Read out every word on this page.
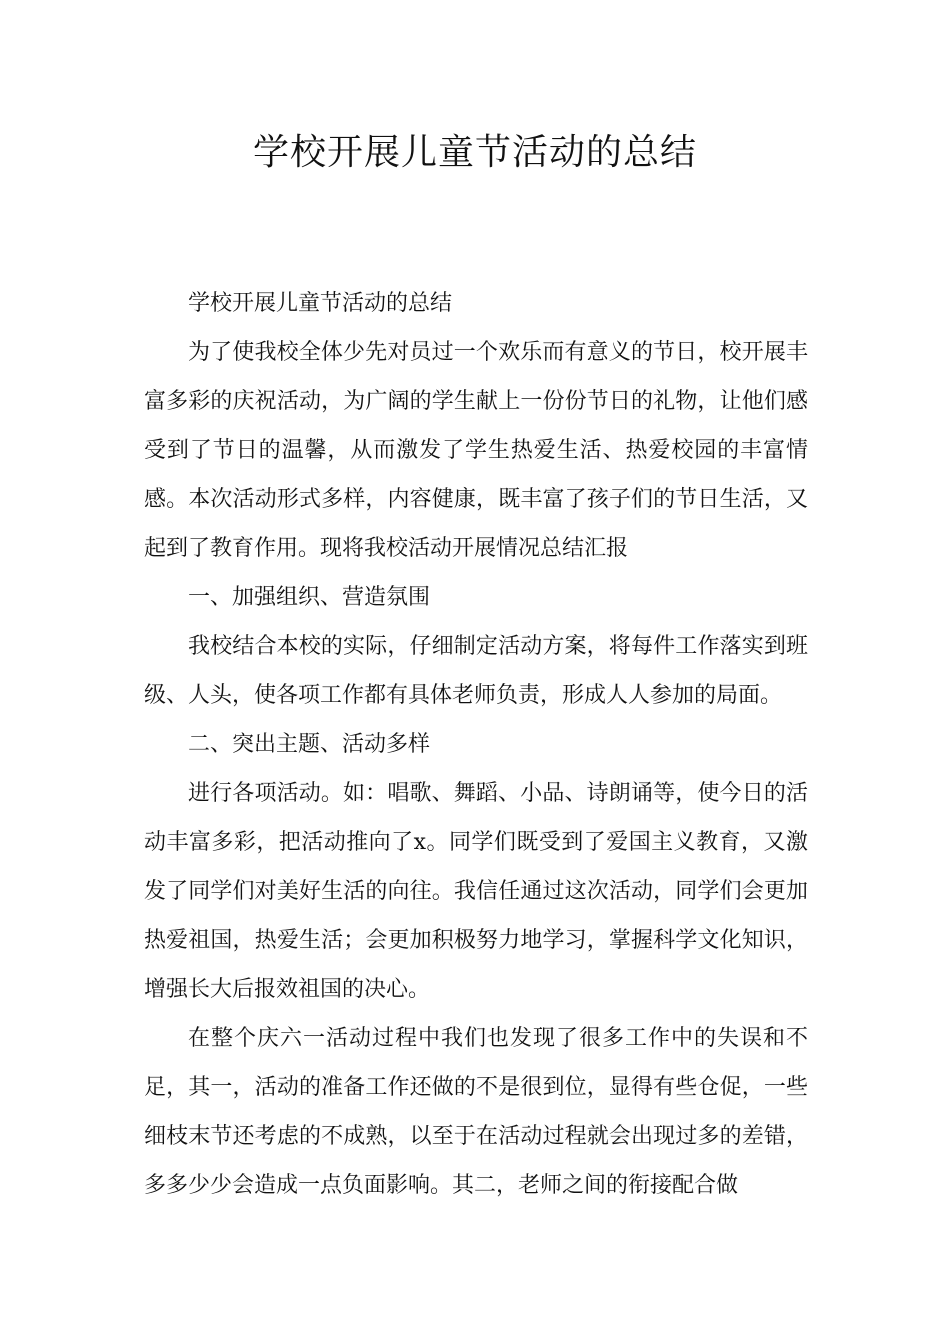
学校开展儿童节活动的总结

学校开展儿童节活动的总结

为了使我校全体少先对员过一个欢乐而有意义的节日，校开展丰富多彩的庆祝活动，为广阔的学生献上一份份节日的礼物，让他们感受到了节日的温馨，从而激发了学生热爱生活、热爱校园的丰富情感。本次活动形式多样，内容健康，既丰富了孩子们的节日生活，又起到了教育作用。现将我校活动开展情况总结汇报

一、加强组织、营造氛围

我校结合本校的实际，仔细制定活动方案，将每件工作落实到班级、人头，使各项工作都有具体老师负责，形成人人参加的局面。

二、突出主题、活动多样

进行各项活动。如：唱歌、舞蹈、小品、诗朗诵等，使今日的活动丰富多彩，把活动推向了x。同学们既受到了爱国主义教育，又激发了同学们对美好生活的向往。我信任通过这次活动，同学们会更加热爱祖国，热爱生活；会更加积极努力地学习，掌握科学文化知识，增强长大后报效祖国的决心。

在整个庆六一活动过程中我们也发现了很多工作中的失误和不足，其一，活动的准备工作还做的不是很到位，显得有些仓促，一些细枝末节还考虑的不成熟，以至于在活动过程就会出现过多的差错，多多少少会造成一点负面影响。其二，老师之间的衔接配合做
